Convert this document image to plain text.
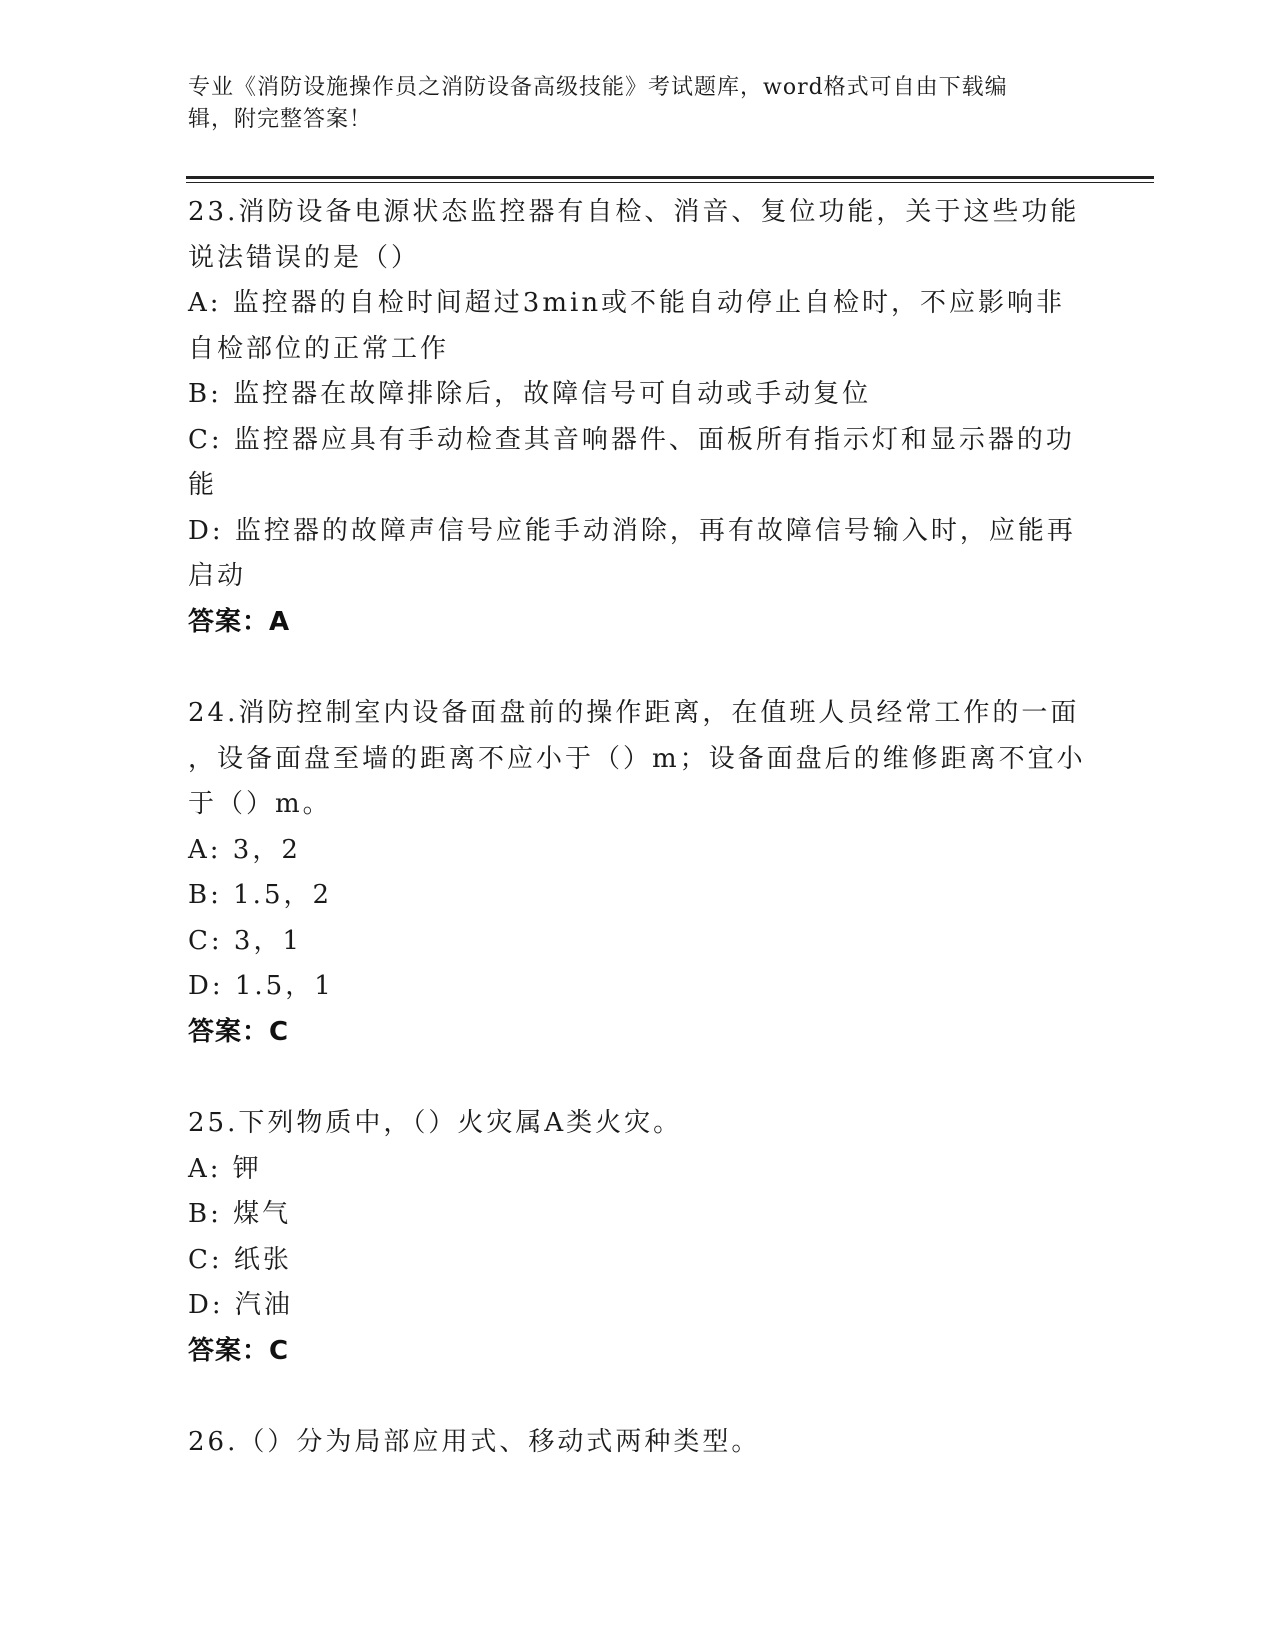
专业《消防设施操作员之消防设备高级技能》考试题库，word格式可自由下载编
辑，附完整答案！

23.消防设备电源状态监控器有自检、消音、复位功能，关于这些功能

说法错误的是（）

A: 监控器的自检时间超过3min或不能自动停止自检时，不应影响非

自检部位的正常工作

B: 监控器在故障排除后，故障信号可自动或手动复位

C: 监控器应具有手动检查其音响器件、面板所有指示灯和显示器的功

能

D: 监控器的故障声信号应能手动消除，再有故障信号输入时，应能再

启动

答案：A

24.消防控制室内设备面盘前的操作距离，在值班人员经常工作的一面

，设备面盘至墙的距离不应小于（）m；设备面盘后的维修距离不宜小

于（）m。

A: 3，2

B: 1.5，2

C: 3，1

D: 1.5，1

答案：C

25.下列物质中，（）火灾属A类火灾。

A: 钾

B: 煤气

C: 纸张

D: 汽油

答案：C

26.（）分为局部应用式、移动式两种类型。
